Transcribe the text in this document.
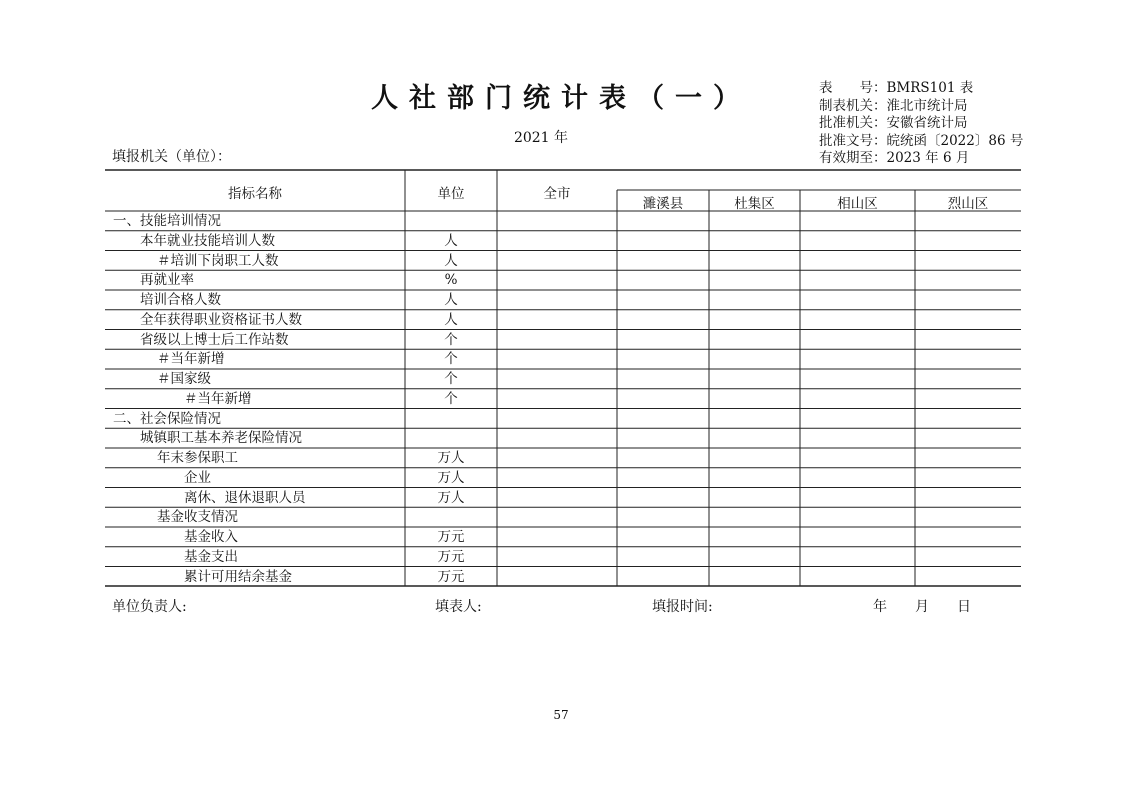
人社部门统计表（一）
2021 年
填报机关（单位）：
表　　号：BMRS101 表
制表机关：淮北市统计局
批准机关：安徽省统计局
批准文号：皖统函〔2022〕86 号
有效期至：2023 年 6 月
指标名称	单位	全市
濉溪县	杜集区	相山区	烈山区
一、技能培训情况
本年就业技能培训人数	人
＃培训下岗职工人数	人
再就业率	%
培训合格人数	人
全年获得职业资格证书人数	人
省级以上博士后工作站数	个
＃当年新增	个
＃国家级	个
＃当年新增	个
二、社会保险情况
城镇职工基本养老保险情况
年末参保职工	万人
企业	万人
离休、退休退职人员	万人
基金收支情况
基金收入	万元
基金支出	万元
累计可用结余基金	万元
单位负责人:	填表人:	填报时间:	年 月 日
57
